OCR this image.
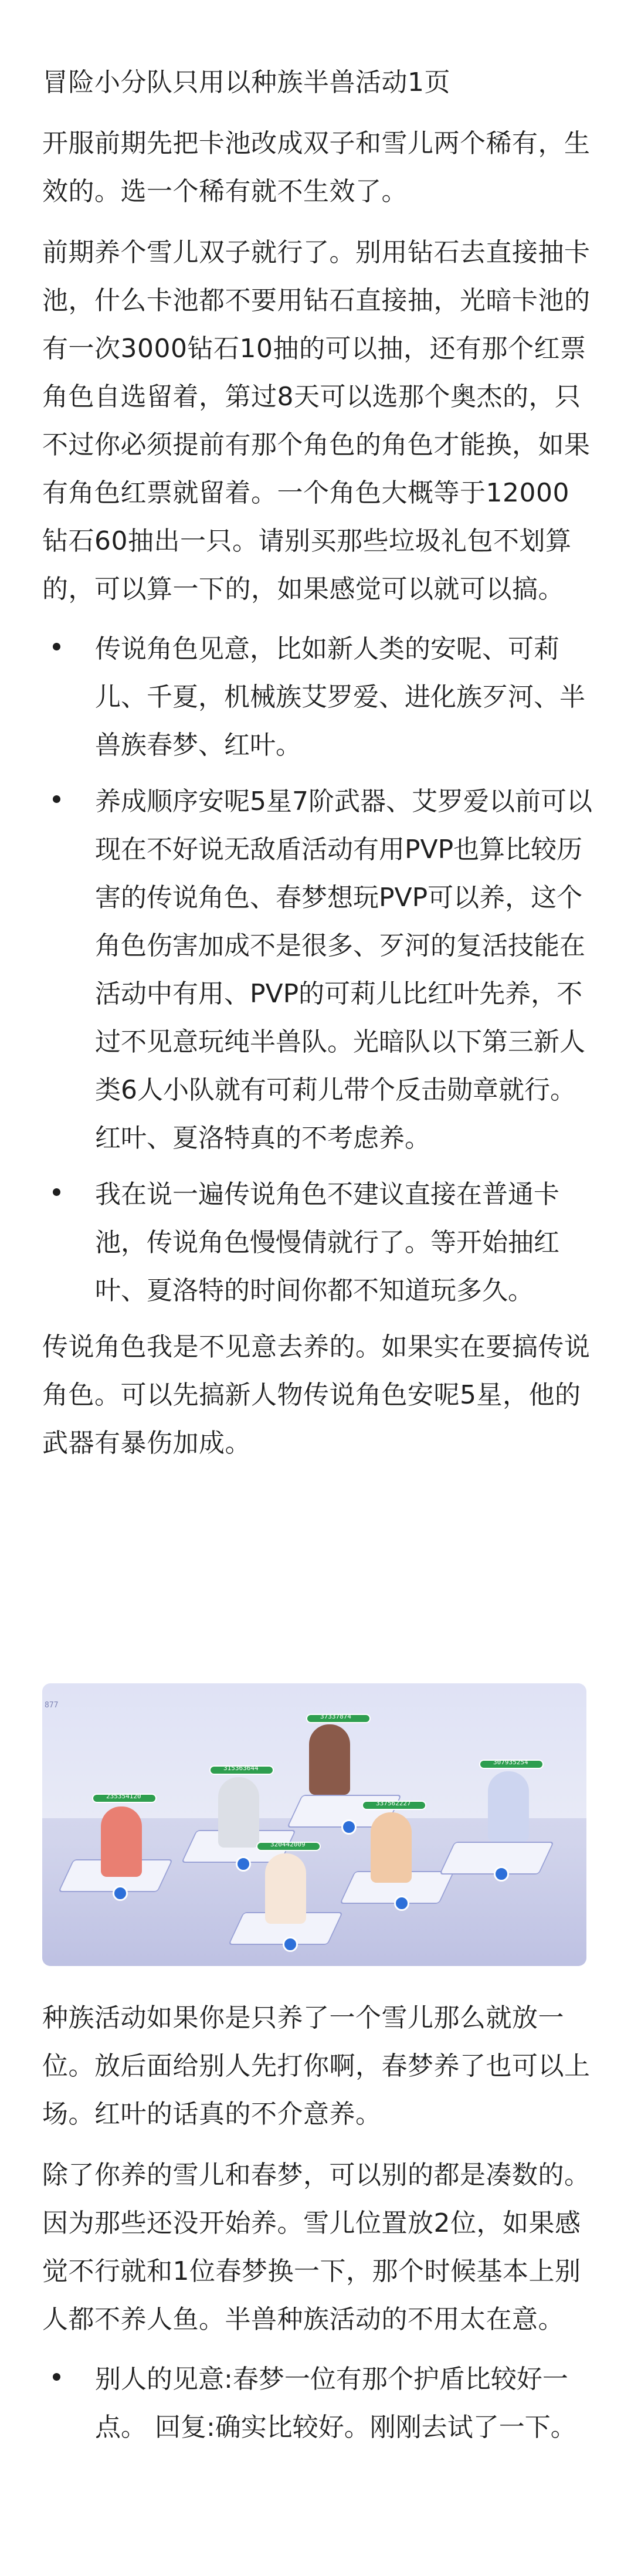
冒险小分队只用以种族半兽活动1页
开服前期先把卡池改成双子和雪儿两个稀有，生效的。选一个稀有就不生效了。
前期养个雪儿双子就行了。别用钻石去直接抽卡池，什么卡池都不要用钻石直接抽，光暗卡池的有一次3000钻石10抽的可以抽，还有那个红票角色自选留着，第过8天可以选那个奥杰的，只不过你必须提前有那个角色的角色才能换，如果有角色红票就留着。一个角色大概等于12000钻石60抽出一只。请别买那些垃圾礼包不划算的，可以算一下的，如果感觉可以就可以搞。
传说角色见意，比如新人类的安呢、可莉儿、千夏，机械族艾罗爱、进化族歹河、半兽族春梦、红叶。
养成顺序安呢5星7阶武器、艾罗爱以前可以现在不好说无敌盾活动有用PVP也算比较历害的传说角色、春梦想玩PVP可以养，这个角色伤害加成不是很多、歹河的复活技能在活动中有用、PVP的可莉儿比红叶先养，不过不见意玩纯半兽队。光暗队以下第三新人类6人小队就有可莉儿带个反击勋章就行。红叶、夏洛特真的不考虑养。
我在说一遍传说角色不建议直接在普通卡池，传说角色慢慢倩就行了。等开始抽红叶、夏洛特的时间你都不知道玩多久。
传说角色我是不见意去养的。如果实在要搞传说角色。可以先搞新人物传说角色安呢5星，他的武器有暴伤加成。
877
235354120
315363644
37337874
337562227
307935254
320442009
种族活动如果你是只养了一个雪儿那么就放一位。放后面给别人先打你啊，春梦养了也可以上场。红叶的话真的不介意养。
除了你养的雪儿和春梦，可以别的都是凑数的。因为那些还没开始养。雪儿位置放2位，如果感觉不行就和1位春梦换一下，那个时候基本上别人都不养人鱼。半兽种族活动的不用太在意。
别人的见意:春梦一位有那个护盾比较好一点。 回复:确实比较好。刚刚去试了一下。
